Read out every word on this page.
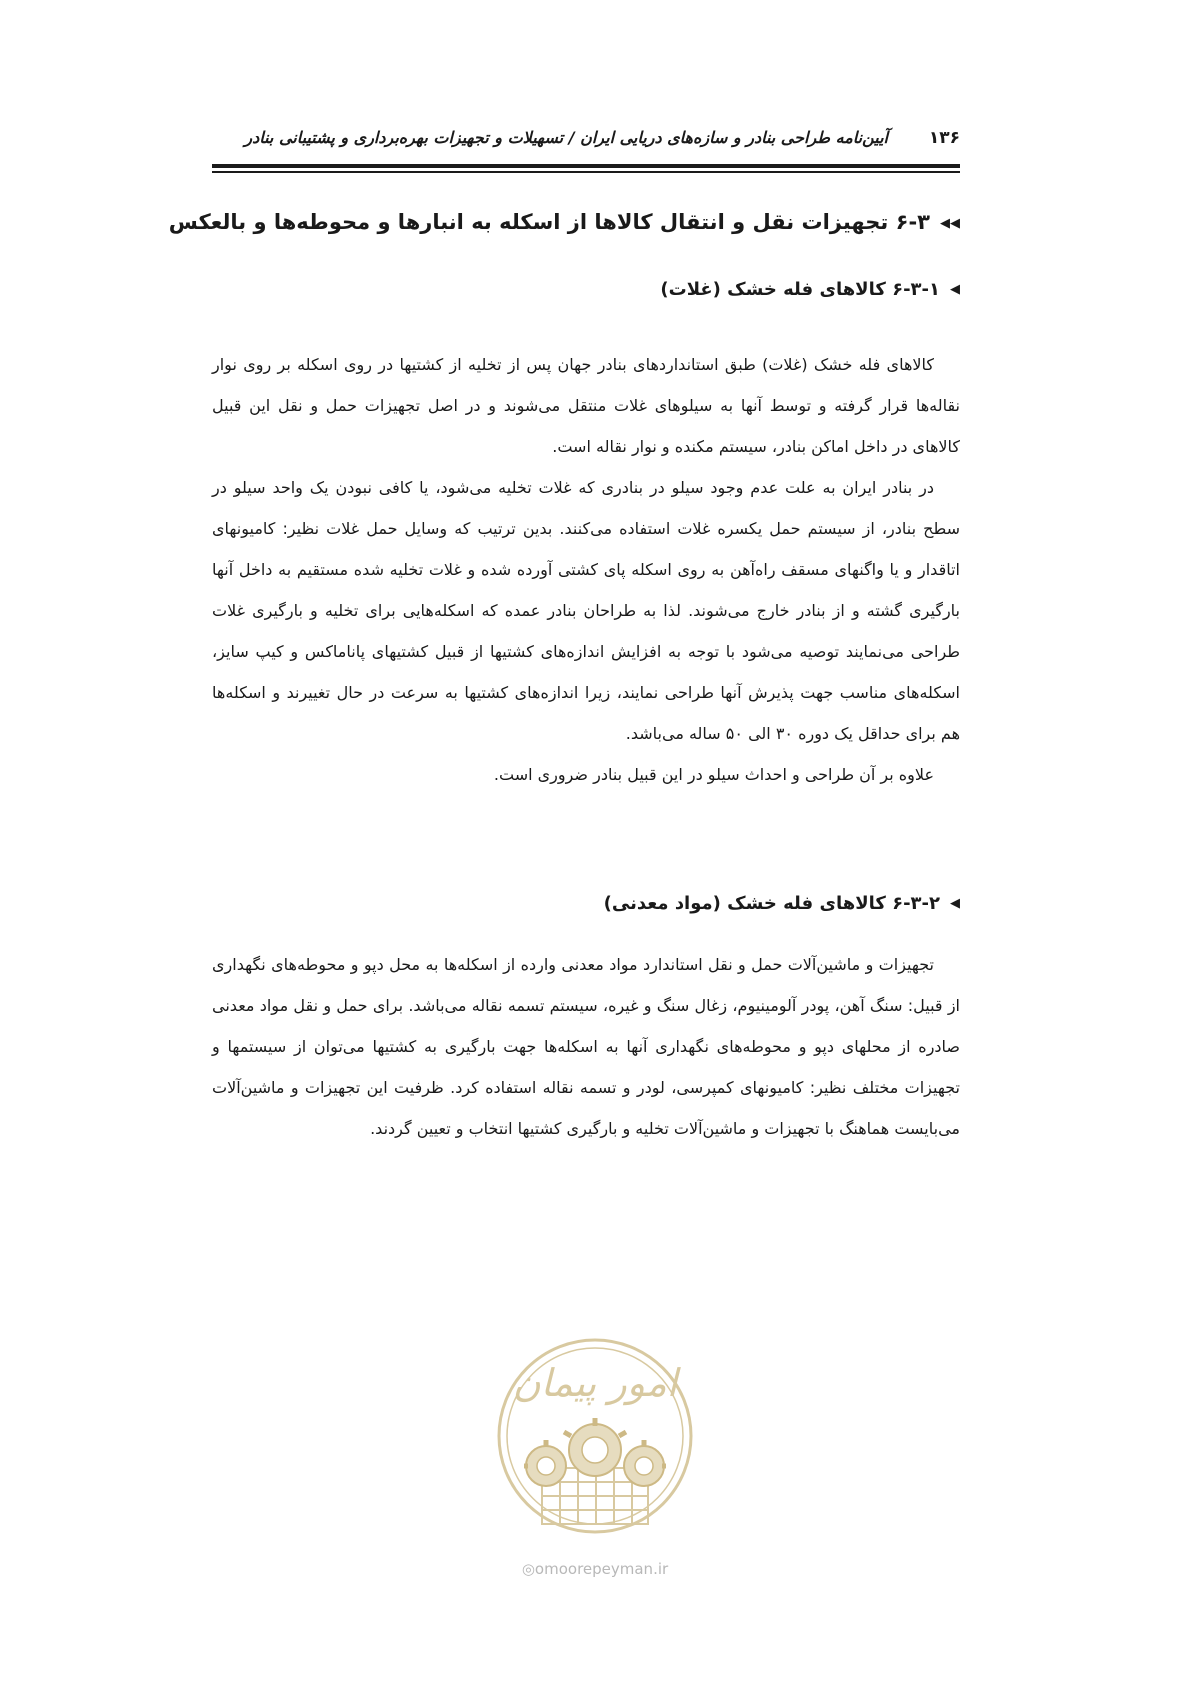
۱۳۶
آیین‌نامه طراحی بنادر و سازه‌های دریایی ایران / تسهیلات و تجهیزات بهره‌برداری و پشتیبانی بنادر
◀◀۶-۳ تجهیزات نقل و انتقال کالاها از اسکله به انبارها و محوطه‌ها و بالعکس
◀۶-۳-۱ کالاهای فله خشک (غلات)

کالاهای فله خشک (غلات) طبق استانداردهای بنادر جهان پس از تخلیه از کشتیها در روی اسکله بر روی نوار نقاله‌ها قرار گرفته و توسط آنها به سیلوهای غلات منتقل می‌شوند و در اصل تجهیزات حمل و نقل این قبیل کالاهای در داخل اماکن بنادر، سیستم مکنده و نوار نقاله است.

در بنادر ایران به علت عدم وجود سیلو در بنادری که غلات تخلیه می‌شود، یا کافی نبودن یک واحد سیلو در سطح بنادر، از سیستم حمل یکسره غلات استفاده می‌کنند. بدین ترتیب که وسایل حمل غلات نظیر: کامیونهای اتاقدار و یا واگنهای مسقف راه‌آهن به روی اسکله پای کشتی آورده شده و غلات تخلیه شده مستقیم به داخل آنها بارگیری گشته و از بنادر خارج می‌شوند. لذا به طراحان بنادر عمده که اسکله‌هایی برای تخلیه و بارگیری غلات طراحی می‌نمایند توصیه می‌شود با توجه به افزایش اندازه‌های کشتیها از قبیل کشتیهای پاناماکس و کیپ سایز، اسکله‌های مناسب جهت پذیرش آنها طراحی نمایند، زیرا اندازه‌های کشتیها به سرعت در حال تغییرند و اسکله‌ها هم برای حداقل یک دوره ۳۰ الی ۵۰ ساله می‌باشد.

علاوه بر آن طراحی و احداث سیلو در این قبیل بنادر ضروری است.

◀۶-۳-۲ کالاهای فله خشک (مواد معدنی)

تجهیزات و ماشین‌آلات حمل و نقل استاندارد مواد معدنی وارده از اسکله‌ها به محل دپو و محوطه‌های نگهداری از قبیل: سنگ آهن، پودر آلومینیوم، زغال سنگ و غیره، سیستم تسمه نقاله می‌باشد. برای حمل و نقل مواد معدنی صادره از محلهای دپو و محوطه‌های نگهداری آنها به اسکله‌ها جهت بارگیری به کشتیها می‌توان از سیستمها و تجهیزات مختلف نظیر: کامیونهای کمپرسی، لودر و تسمه نقاله استفاده کرد. ظرفیت این تجهیزات و ماشین‌آلات می‌بایست هماهنگ با تجهیزات و ماشین‌آلات تخلیه و بارگیری کشتیها انتخاب و تعیین گردند.

امور پیمان
◎omoorepeyman.ir
